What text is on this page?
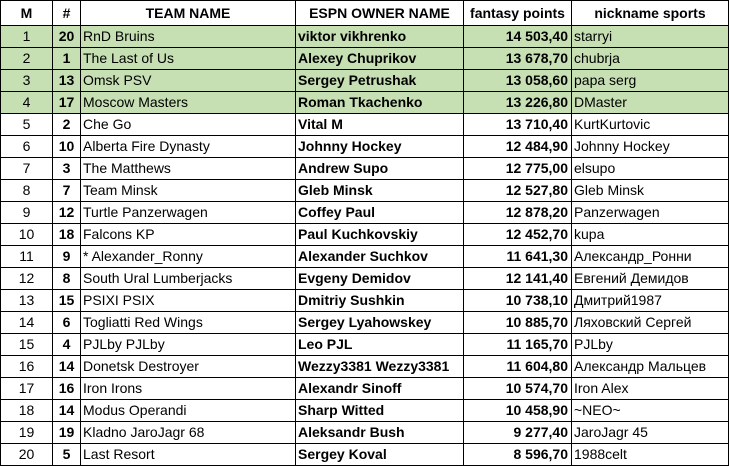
M	#	TEAM NAME	ESPN OWNER NAME	fantasy points	nickname sports
1	20	RnD Bruins	viktor vikhrenko	14 503,40	starryi
2	1	The Last of Us	Alexey Chuprikov	13 678,70	chubrja
3	13	Omsk PSV	Sergey Petrushak	13 058,60	papa serg
4	17	Moscow Masters	Roman Tkachenko	13 226,80	DMaster
5	2	Che Go	Vital M	13 710,40	KurtKurtovic
6	10	Alberta Fire Dynasty	Johnny Hockey	12 484,90	Johnny Hockey
7	3	The Matthews	Andrew Supo	12 775,00	elsupo
8	7	Team Minsk	Gleb Minsk	12 527,80	Gleb Minsk
9	12	Turtle Panzerwagen	Coffey Paul	12 878,20	Panzerwagen
10	18	Falcons KP	Paul Kuchkovskiy	12 452,70	kupa
11	9	* Alexander_Ronny	Alexander Suchkov	11 641,30	Александр_Ронни
12	8	South Ural Lumberjacks	Evgeny Demidov	12 141,40	Евгений Демидов
13	15	PSIXI PSIX	Dmitriy Sushkin	10 738,10	Дмитрий1987
14	6	Togliatti Red Wings	Sergey Lyahowskey	10 885,70	Ляховский Сергей
15	4	PJLby PJLby	Leo PJL	11 165,70	PJLby
16	14	Donetsk Destroyer	Wezzy3381 Wezzy3381	11 604,80	Александр Мальцев
17	16	Iron Irons	Alexandr Sinoff	10 574,70	Iron Alex
18	14	Modus Operandi	Sharp Witted	10 458,90	~NEO~
19	19	Kladno JaroJagr 68	Aleksandr Bush	9 277,40	JaroJagr 45
20	5	Last Resort	Sergey Koval	8 596,70	1988celt
